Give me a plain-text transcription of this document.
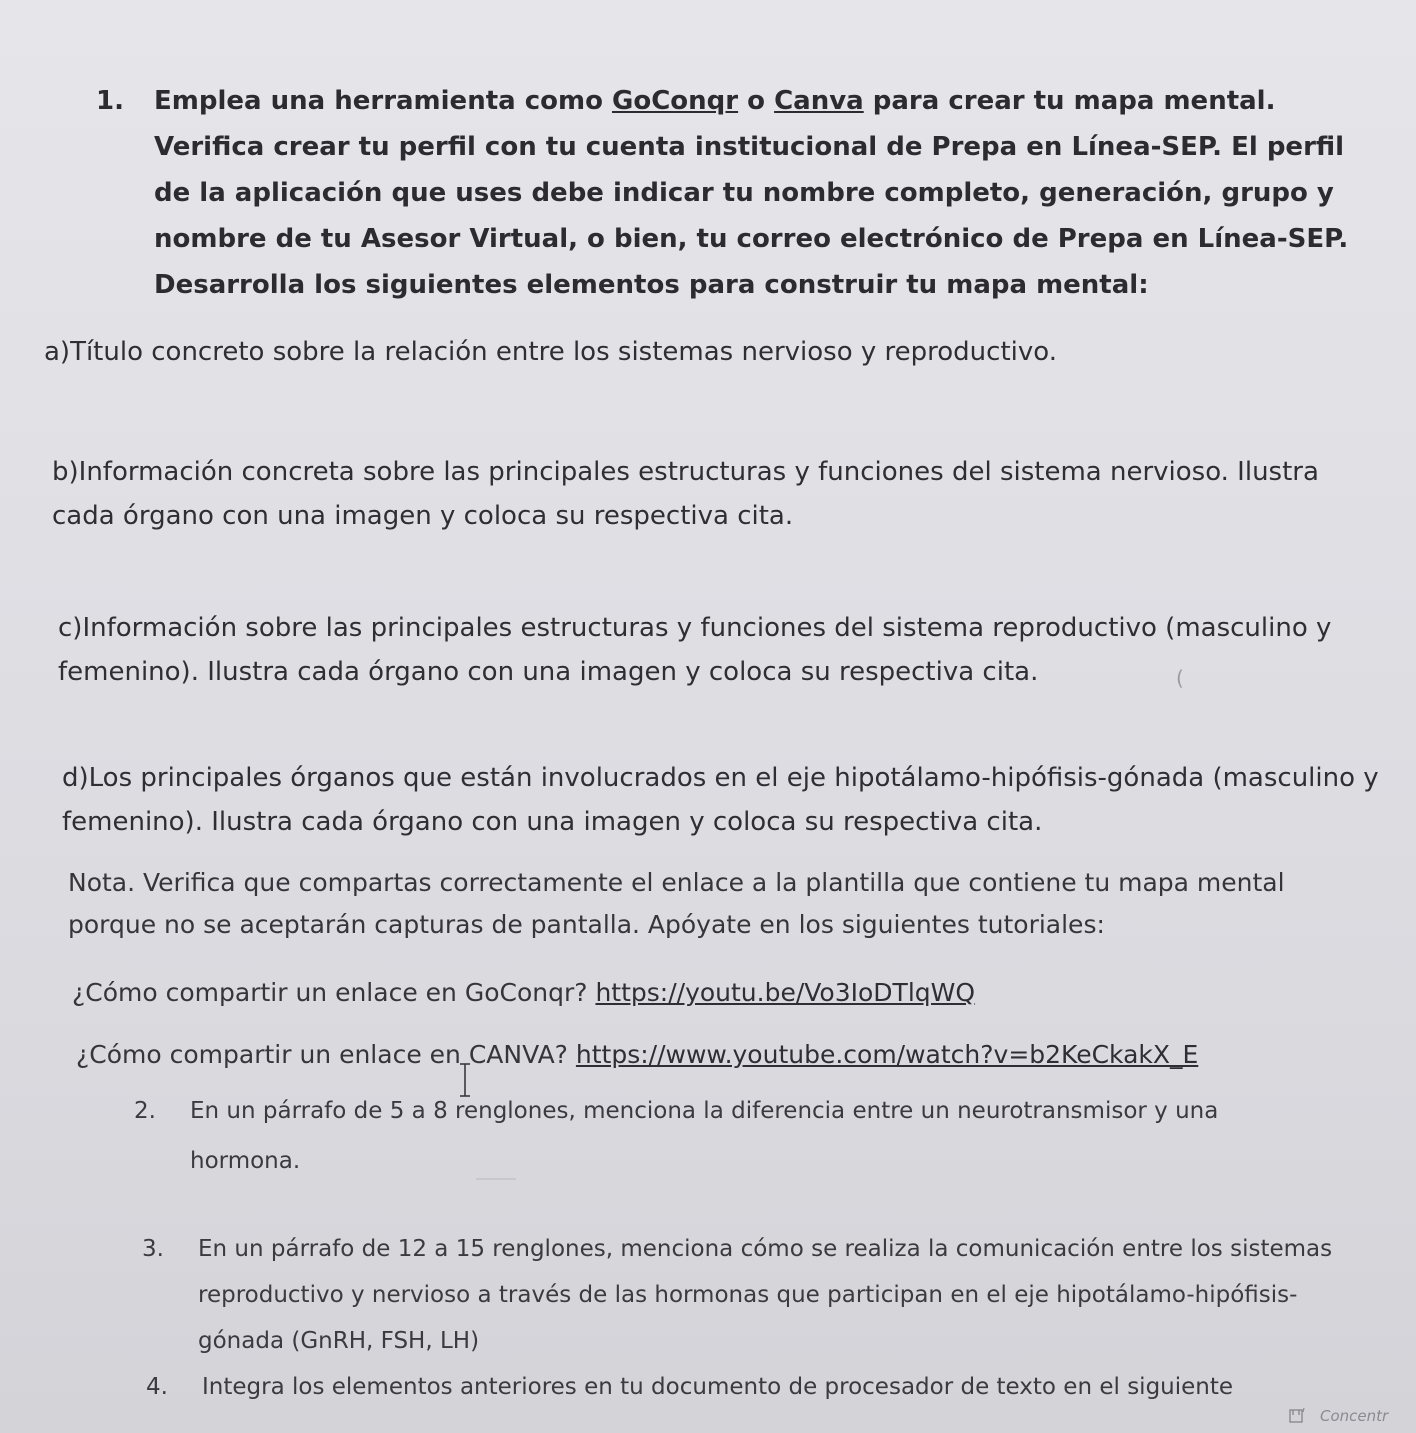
1.	Emplea una herramienta como GoConqr o Canva para crear tu mapa mental. Verifica crear tu perfil con tu cuenta institucional de Prepa en Línea-SEP. El perfil de la aplicación que uses debe indicar tu nombre completo, generación, grupo y nombre de tu Asesor Virtual, o bien, tu correo electrónico de Prepa en Línea-SEP. Desarrolla los siguientes elementos para construir tu mapa mental:

a)Título concreto sobre la relación entre los sistemas nervioso y reproductivo.

b)Información concreta sobre las principales estructuras y funciones del sistema nervioso. Ilustra cada órgano con una imagen y coloca su respectiva cita.

c)Información sobre las principales estructuras y funciones del sistema reproductivo (masculino y femenino). Ilustra cada órgano con una imagen y coloca su respectiva cita.	(

d)Los principales órganos que están involucrados en el eje hipotálamo-hipófisis-gónada (masculino y femenino). Ilustra cada órgano con una imagen y coloca su respectiva cita.

Nota. Verifica que compartas correctamente el enlace a la plantilla que contiene tu mapa mental porque no se aceptarán capturas de pantalla. Apóyate en los siguientes tutoriales:

¿Cómo compartir un enlace en GoConqr? https://youtu.be/Vo3IoDTlqWQ

¿Cómo compartir un enlace en CANVA? https://www.youtube.com/watch?v=b2KeCkakX_E

2. En un párrafo de 5 a 8 renglones, menciona la diferencia entre un neurotransmisor y una hormona.
3. En un párrafo de 12 a 15 renglones, menciona cómo se realiza la comunicación entre los sistemas reproductivo y nervioso a través de las hormonas que participan en el eje hipotálamo-hipófisis-gónada (GnRH, FSH, LH)
4. Integra los elementos anteriores en tu documento de procesador de texto en el siguiente
Concentr
